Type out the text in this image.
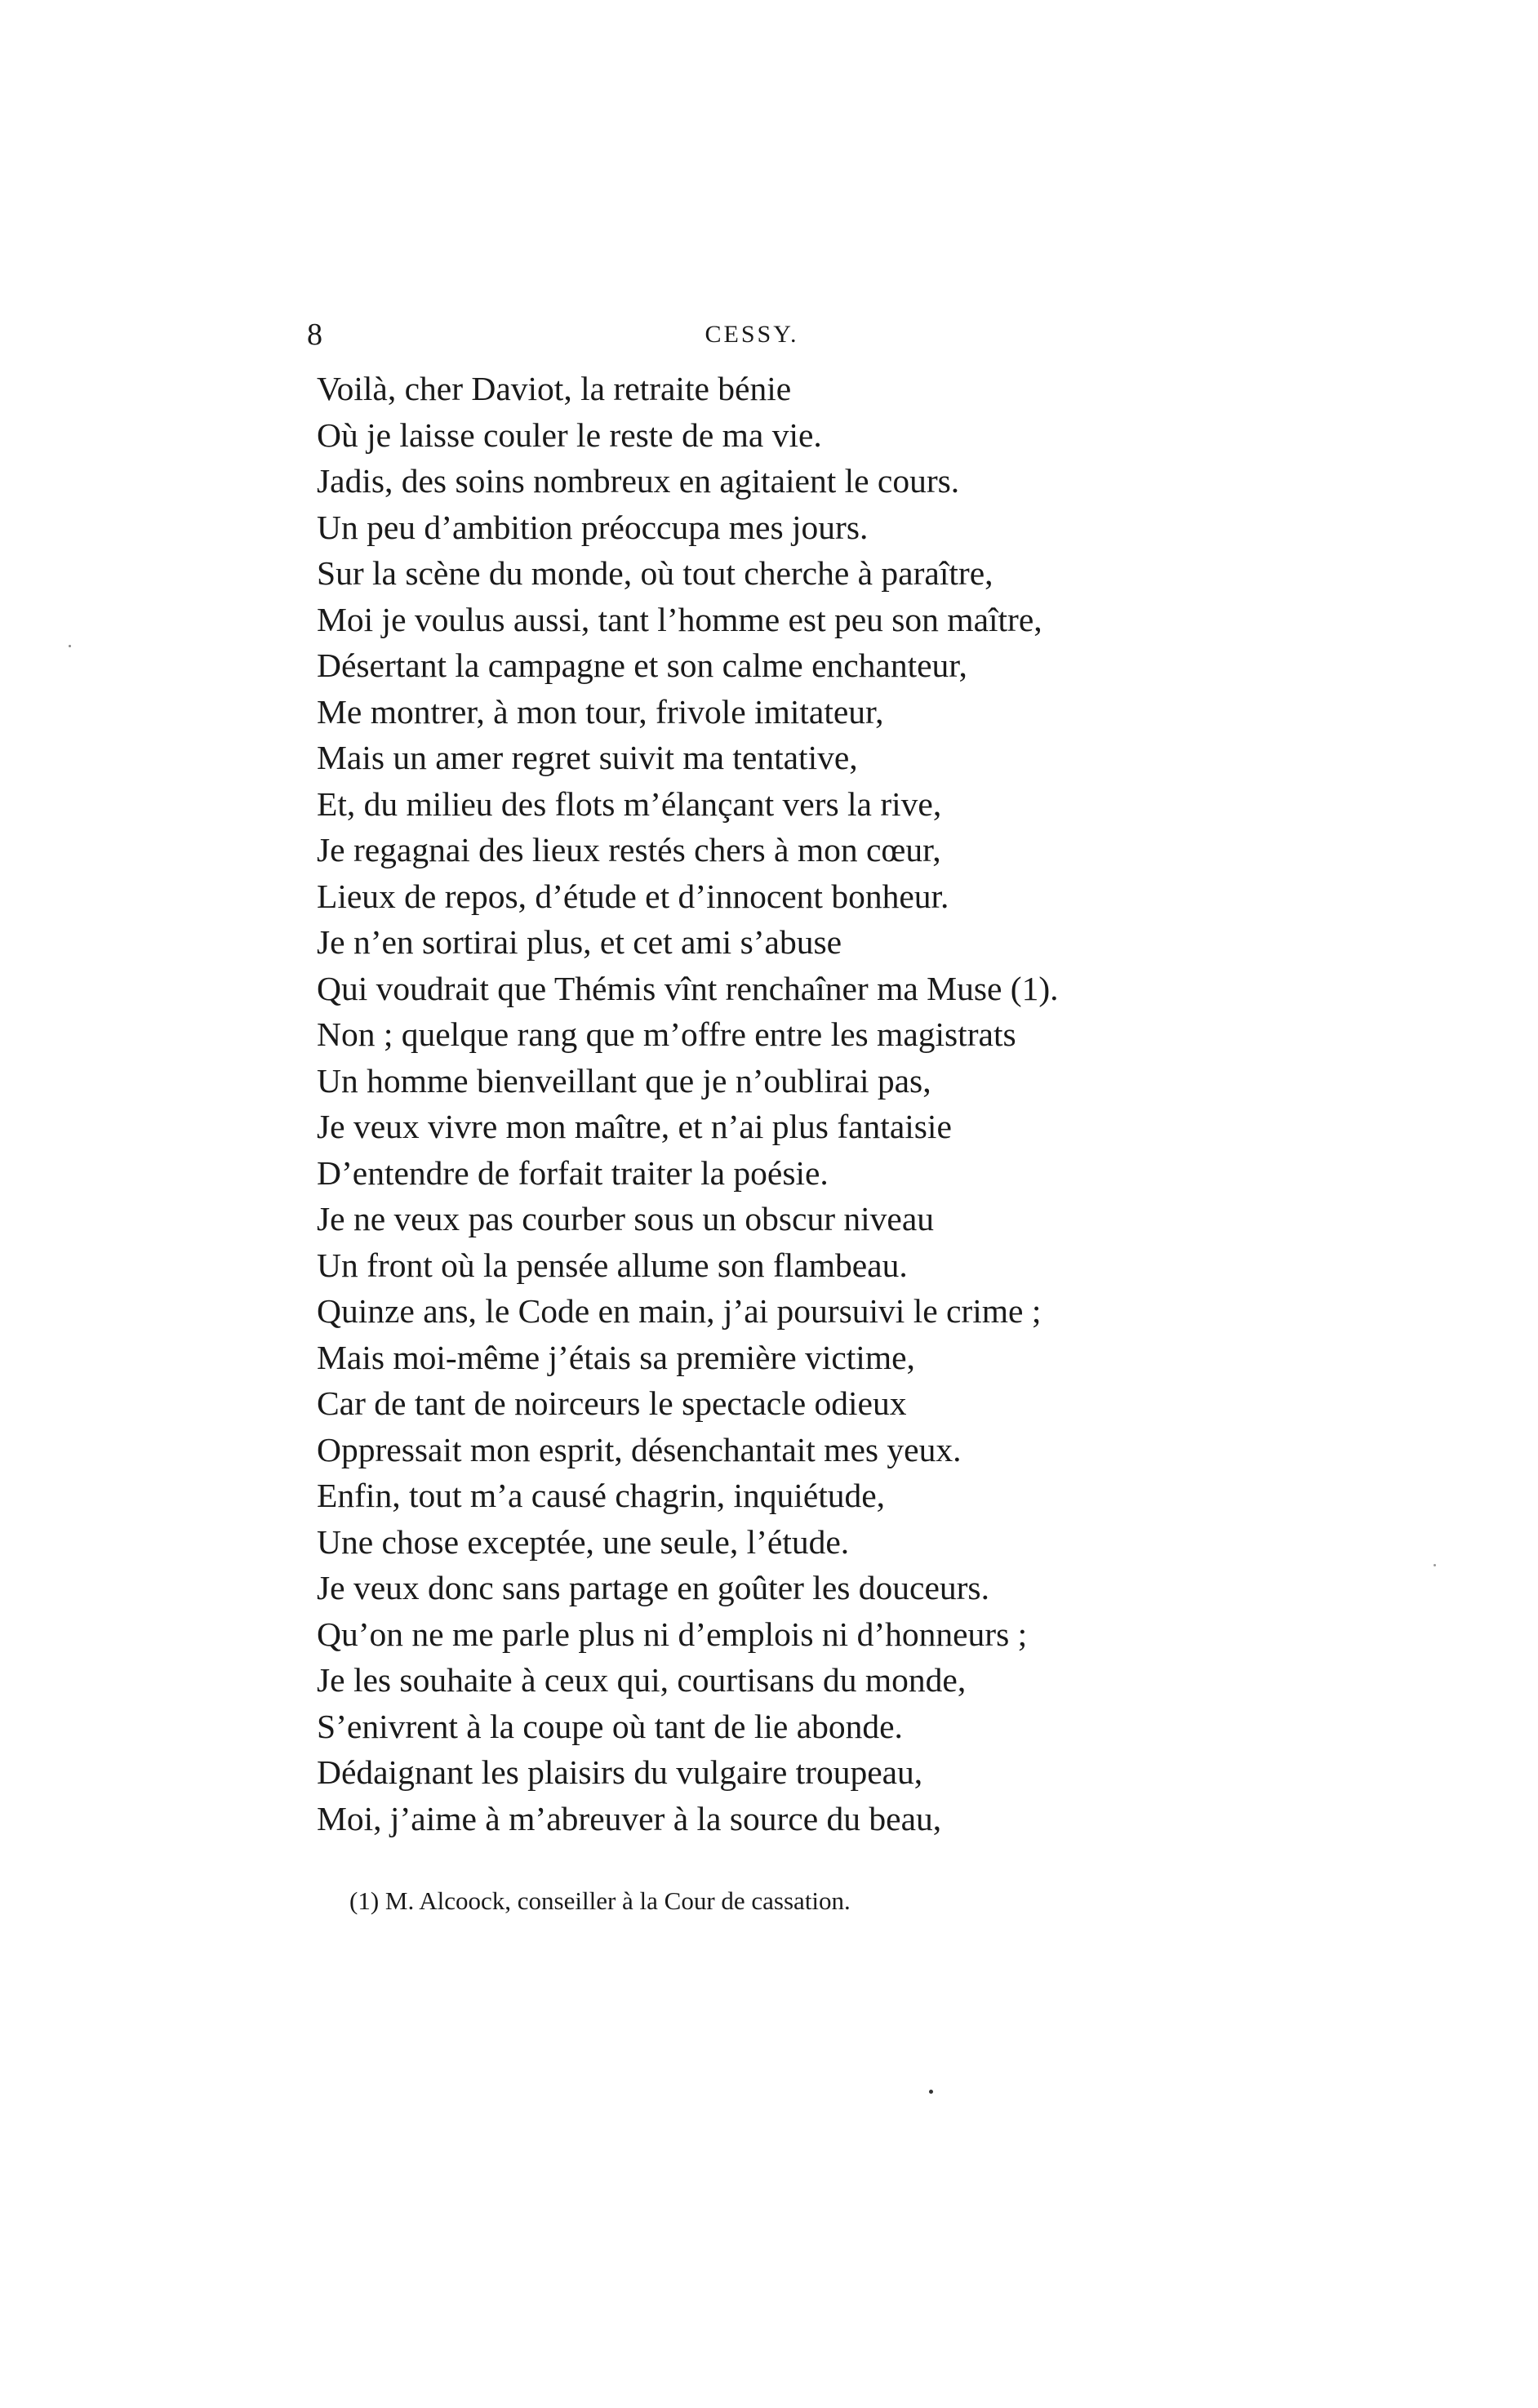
8	CESSY.
Voilà, cher Daviot, la retraite bénie
Où je laisse couler le reste de ma vie.
Jadis, des soins nombreux en agitaient le cours.
Un peu d’ambition préoccupa mes jours.
Sur la scène du monde, où tout cherche à paraître,
Moi je voulus aussi, tant l’homme est peu son maître,
Désertant la campagne et son calme enchanteur,
Me montrer, à mon tour, frivole imitateur,
Mais un amer regret suivit ma tentative,
Et, du milieu des flots m’élançant vers la rive,
Je regagnai des lieux restés chers à mon cœur,
Lieux de repos, d’étude et d’innocent bonheur.
Je n’en sortirai plus, et cet ami s’abuse
Qui voudrait que Thémis vînt renchaîner ma Muse (1).
Non ; quelque rang que m’offre entre les magistrats
Un homme bienveillant que je n’oublirai pas,
Je veux vivre mon maître, et n’ai plus fantaisie
D’entendre de forfait traiter la poésie.
Je ne veux pas courber sous un obscur niveau
Un front où la pensée allume son flambeau.
Quinze ans, le Code en main, j’ai poursuivi le crime ;
Mais moi-même j’étais sa première victime,
Car de tant de noirceurs le spectacle odieux
Oppressait mon esprit, désenchantait mes yeux.
Enfin, tout m’a causé chagrin, inquiétude,
Une chose exceptée, une seule, l’étude.
Je veux donc sans partage en goûter les douceurs.
Qu’on ne me parle plus ni d’emplois ni d’honneurs ;
Je les souhaite à ceux qui, courtisans du monde,
S’enivrent à la coupe où tant de lie abonde.
Dédaignant les plaisirs du vulgaire troupeau,
Moi, j’aime à m’abreuver à la source du beau,
(1) M. Alcoock, conseiller à la Cour de cassation.
